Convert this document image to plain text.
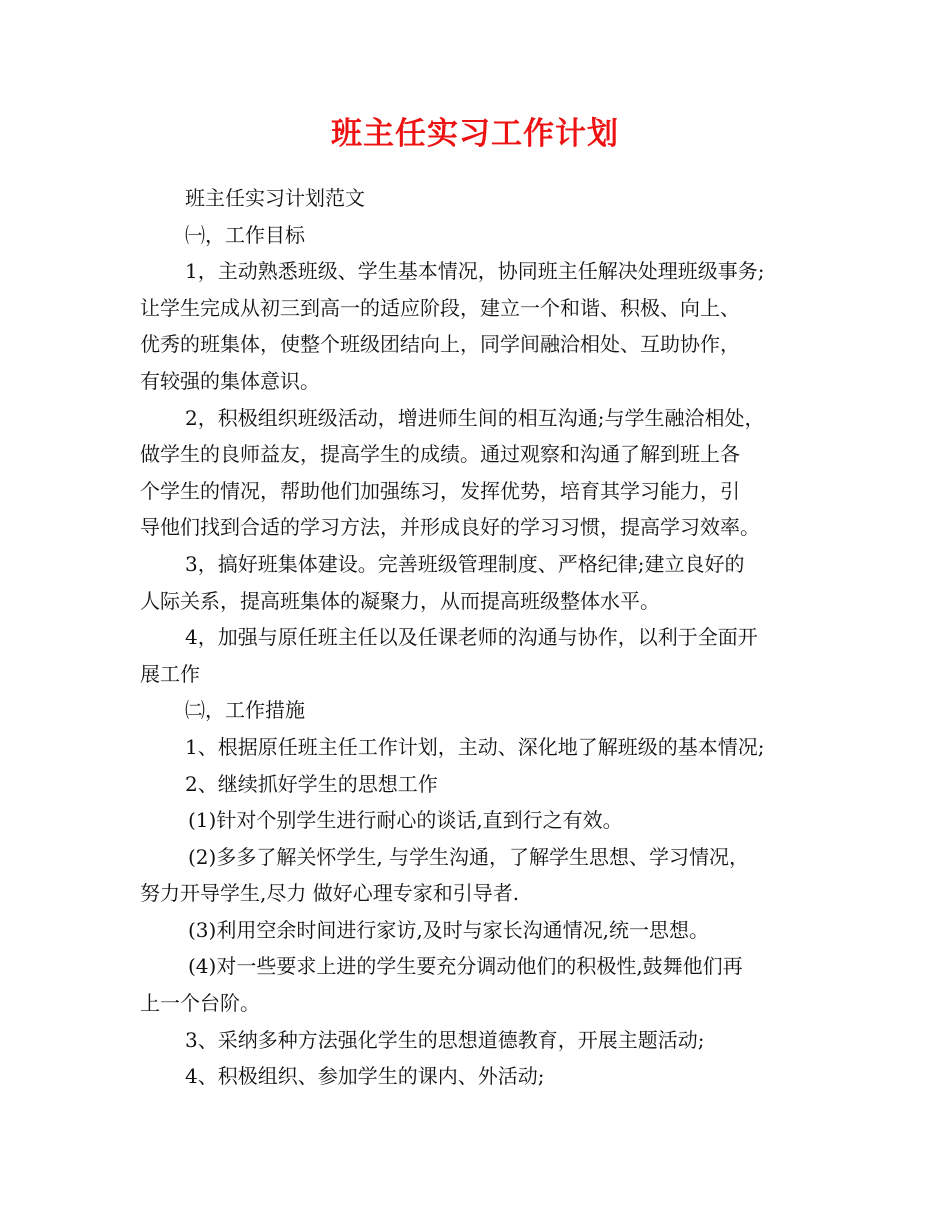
班主任实习工作计划

班主任实习计划范文

㈠，工作目标

1，主动熟悉班级、学生基本情况，协同班主任解决处理班级事务;
让学生完成从初三到高一的适应阶段，建立一个和谐、积极、向上、
优秀的班集体，使整个班级团结向上，同学间融洽相处、互助协作，
有较强的集体意识。

2，积极组织班级活动，增进师生间的相互沟通;与学生融洽相处，
做学生的良师益友，提高学生的成绩。通过观察和沟通了解到班上各
个学生的情况，帮助他们加强练习，发挥优势，培育其学习能力，引
导他们找到合适的学习方法，并形成良好的学习习惯，提高学习效率。

3，搞好班集体建设。完善班级管理制度、严格纪律;建立良好的
人际关系，提高班集体的凝聚力，从而提高班级整体水平。

4，加强与原任班主任以及任课老师的沟通与协作，以利于全面开
展工作

㈡，工作措施

1、根据原任班主任工作计划，主动、深化地了解班级的基本情况;

2、继续抓好学生的思想工作

(1)针对个别学生进行耐心的谈话,直到行之有效。

(2)多多了解关怀学生, 与学生沟通，了解学生思想、学习情况，
努力开导学生,尽力 做好心理专家和引导者.

(3)利用空余时间进行家访,及时与家长沟通情况,统一思想。

(4)对一些要求上进的学生要充分调动他们的积极性,鼓舞他们再
上一个台阶。

3、采纳多种方法强化学生的思想道德教育，开展主题活动;

4、积极组织、参加学生的课内、外活动;
